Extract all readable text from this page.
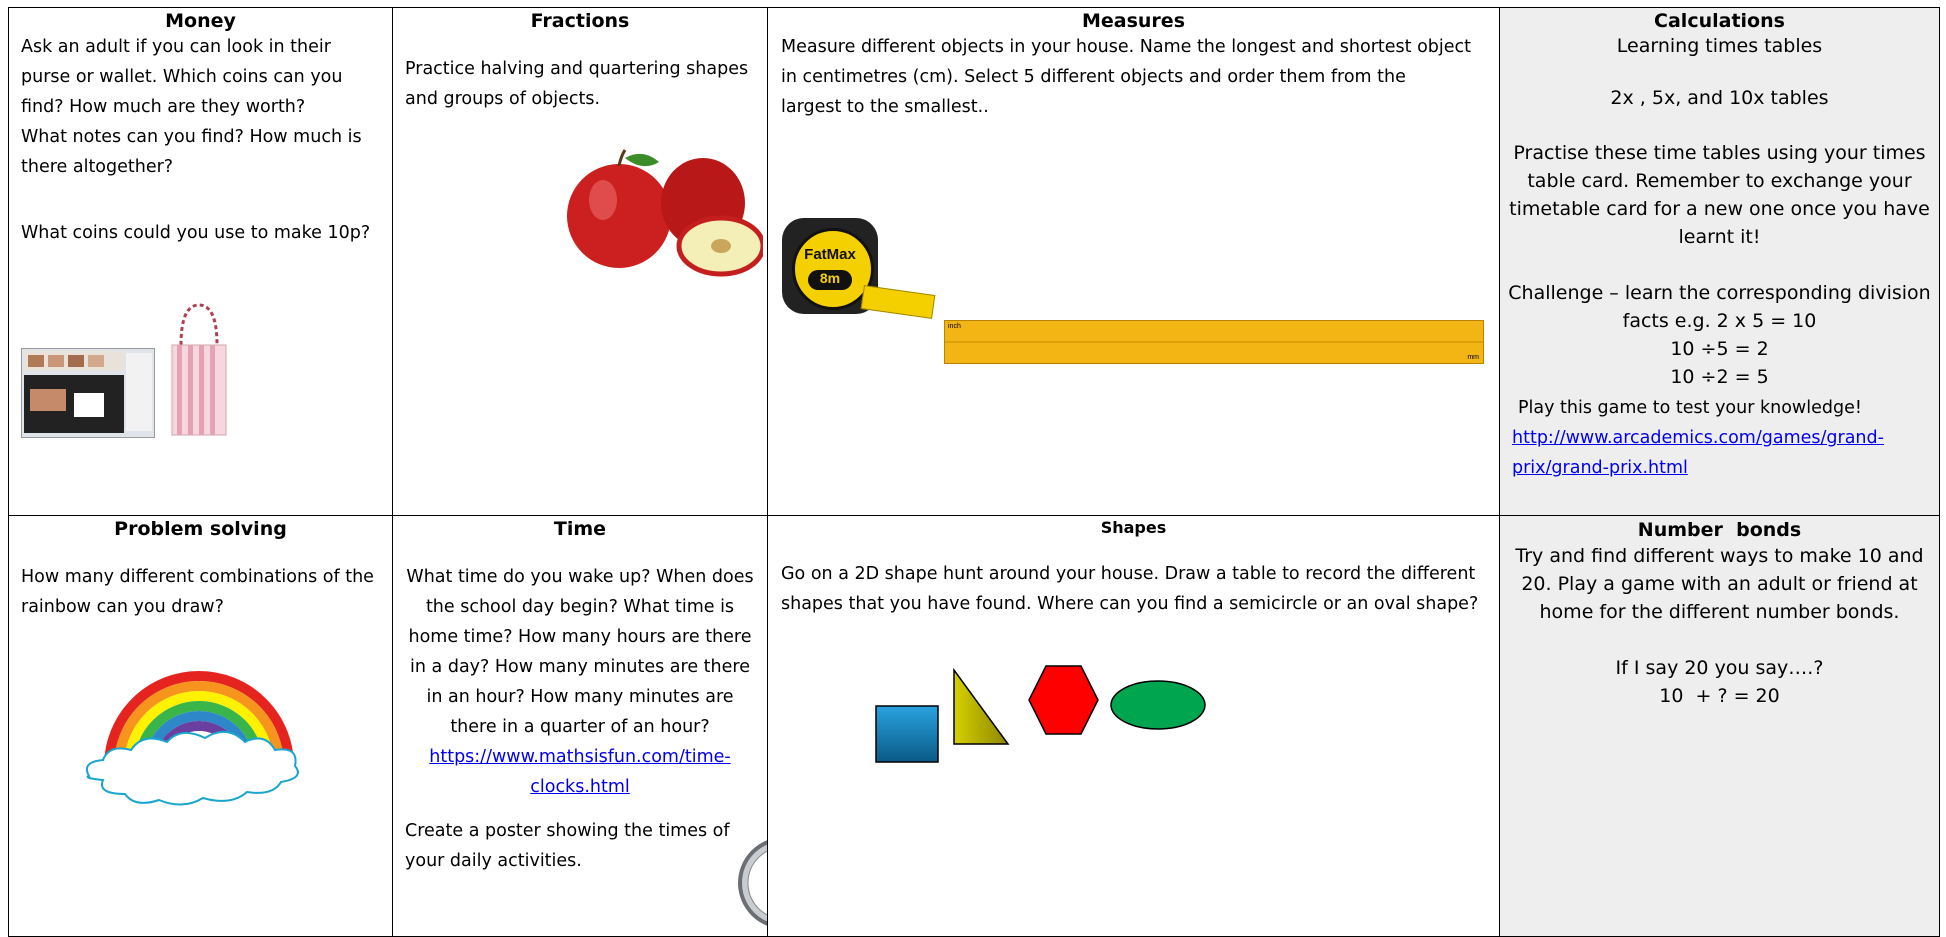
Money

Ask an adult if you can look in their

purse or wallet. Which coins can you

find? How much are they worth?

What notes can you find? How much is

there altogether?

What coins could you use to make 10p?

Fractions

Practice halving and quartering shapes

and groups of objects.

Measures

Measure different objects in your house. Name the longest and shortest object

in centimetres (cm). Select 5 different objects and order them from the

largest to the smallest..

FatMax
8m
inch
mm
Calculations

Learning times tables

2x , 5x, and 10x tables

Practise these time tables using your times

table card. Remember to exchange your

timetable card for a new one once you have

learnt it!

Challenge – learn the corresponding division

facts e.g. 2 x 5 = 10

10 ÷5 = 2

10 ÷2 = 5

Play this game to test your knowledge!

http://www.arcademics.com/games/grand-

prix/grand-prix.html

Problem solving

How many different combinations of the

rainbow can you draw?

Time

What time do you wake up? When does

the school day begin? What time is

home time? How many hours are there

in a day? How many minutes are there

in an hour? How many minutes are

there in a quarter of an hour?

https://www.mathsisfun.com/time-

clocks.html

Create a poster showing the times of

your daily activities.

Shapes

Go on a 2D shape hunt around your house. Draw a table to record the different

shapes that you have found. Where can you find a semicircle or an oval shape?

Number  bonds

Try and find different ways to make 10 and

20. Play a game with an adult or friend at

home for the different number bonds.

If I say 20 you say….?

10  + ? = 20
